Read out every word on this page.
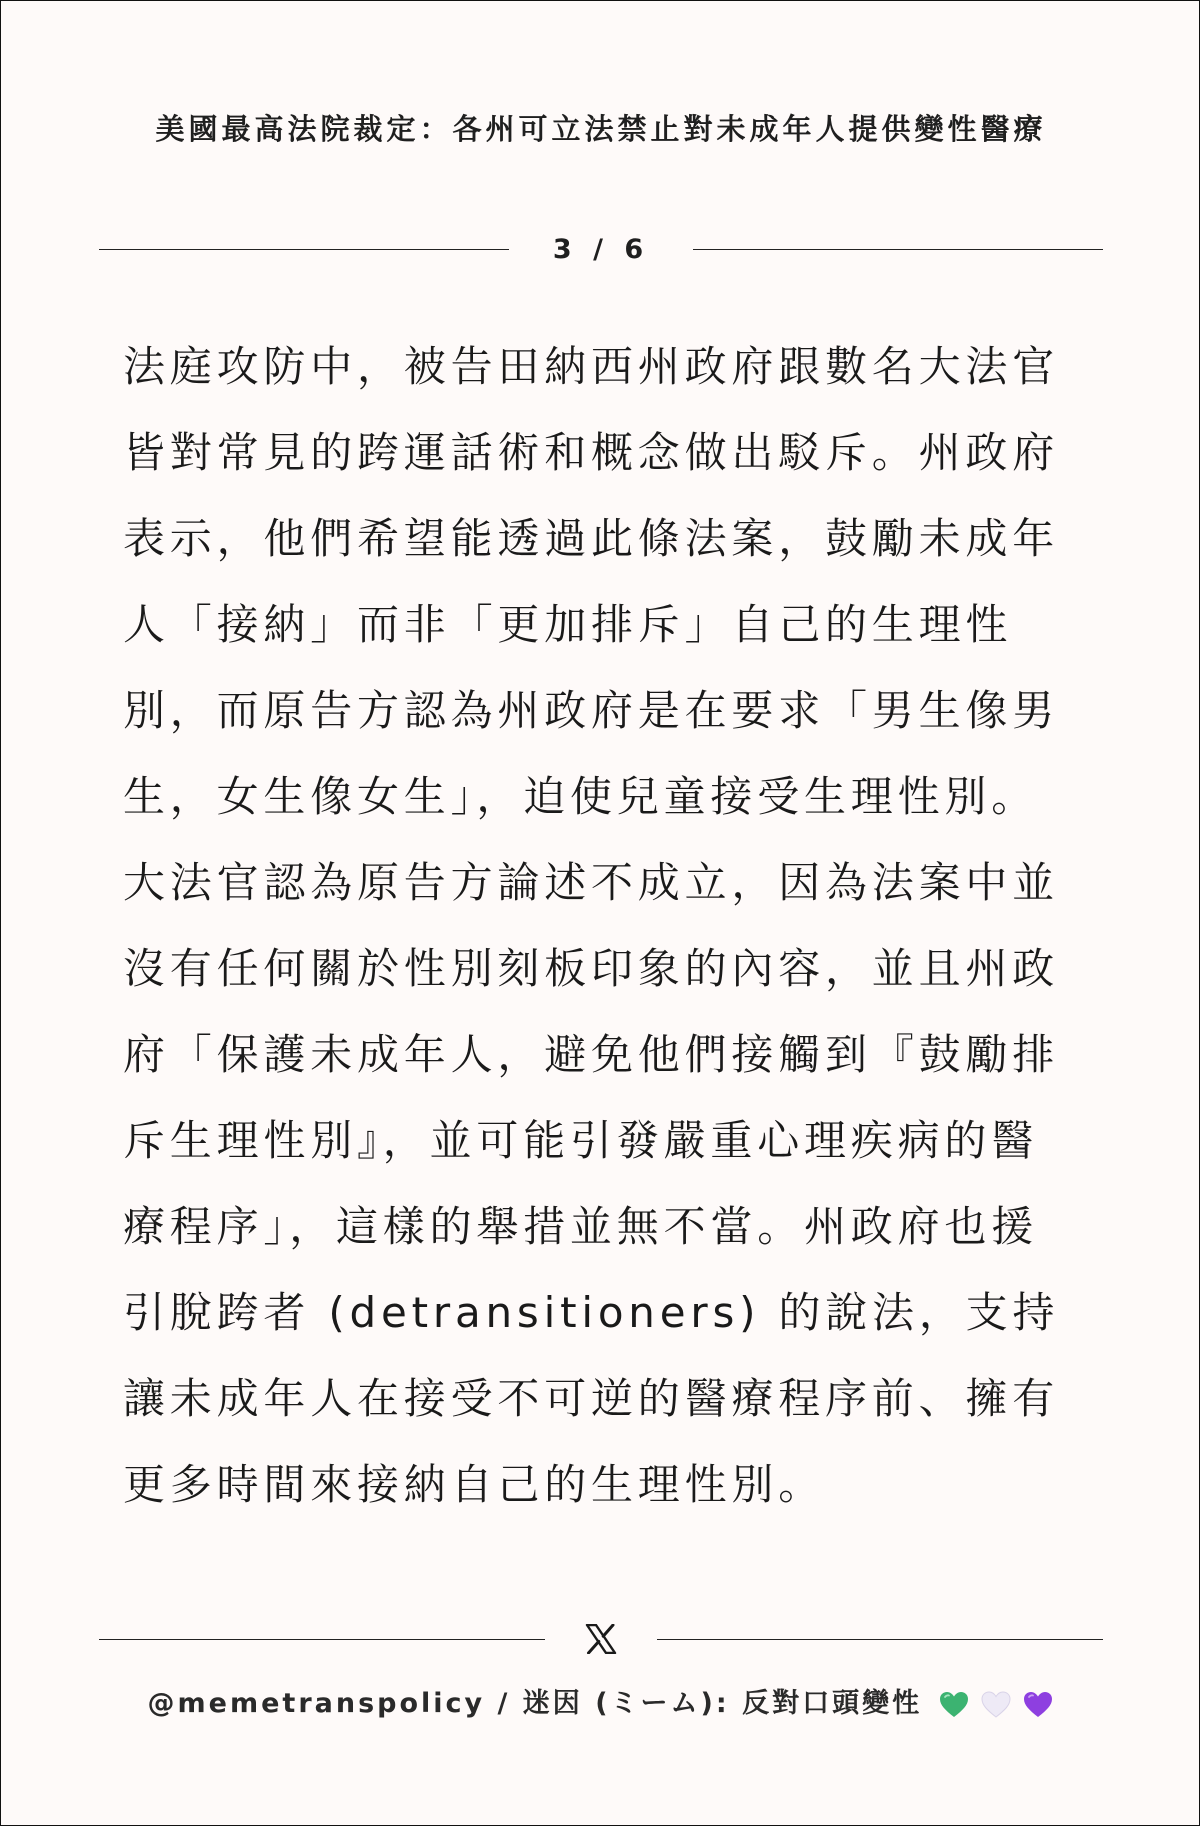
美國最高法院裁定：各州可立法禁止對未成年人提供變性醫療
3 / 6

法庭攻防中，被告田納西州政府跟數名大法官皆對常見的跨運話術和概念做出駁斥。州政府表示，他們希望能透過此條法案，鼓勵未成年人「接納」而非「更加排斥」自己的生理性別，而原告方認為州政府是在要求「男生像男生，女生像女生」，迫使兒童接受生理性別。大法官認為原告方論述不成立，因為法案中並沒有任何關於性別刻板印象的內容，並且州政府「保護未成年人，避免他們接觸到『鼓勵排斥生理性別』，並可能引發嚴重心理疾病的醫療程序」，這樣的舉措並無不當。州政府也援引脫跨者 (detransitioners) 的說法，支持讓未成年人在接受不可逆的醫療程序前、擁有更多時間來接納自己的生理性別。

@memetranspolicy / 迷因 (ミーム): 反對口頭變性
